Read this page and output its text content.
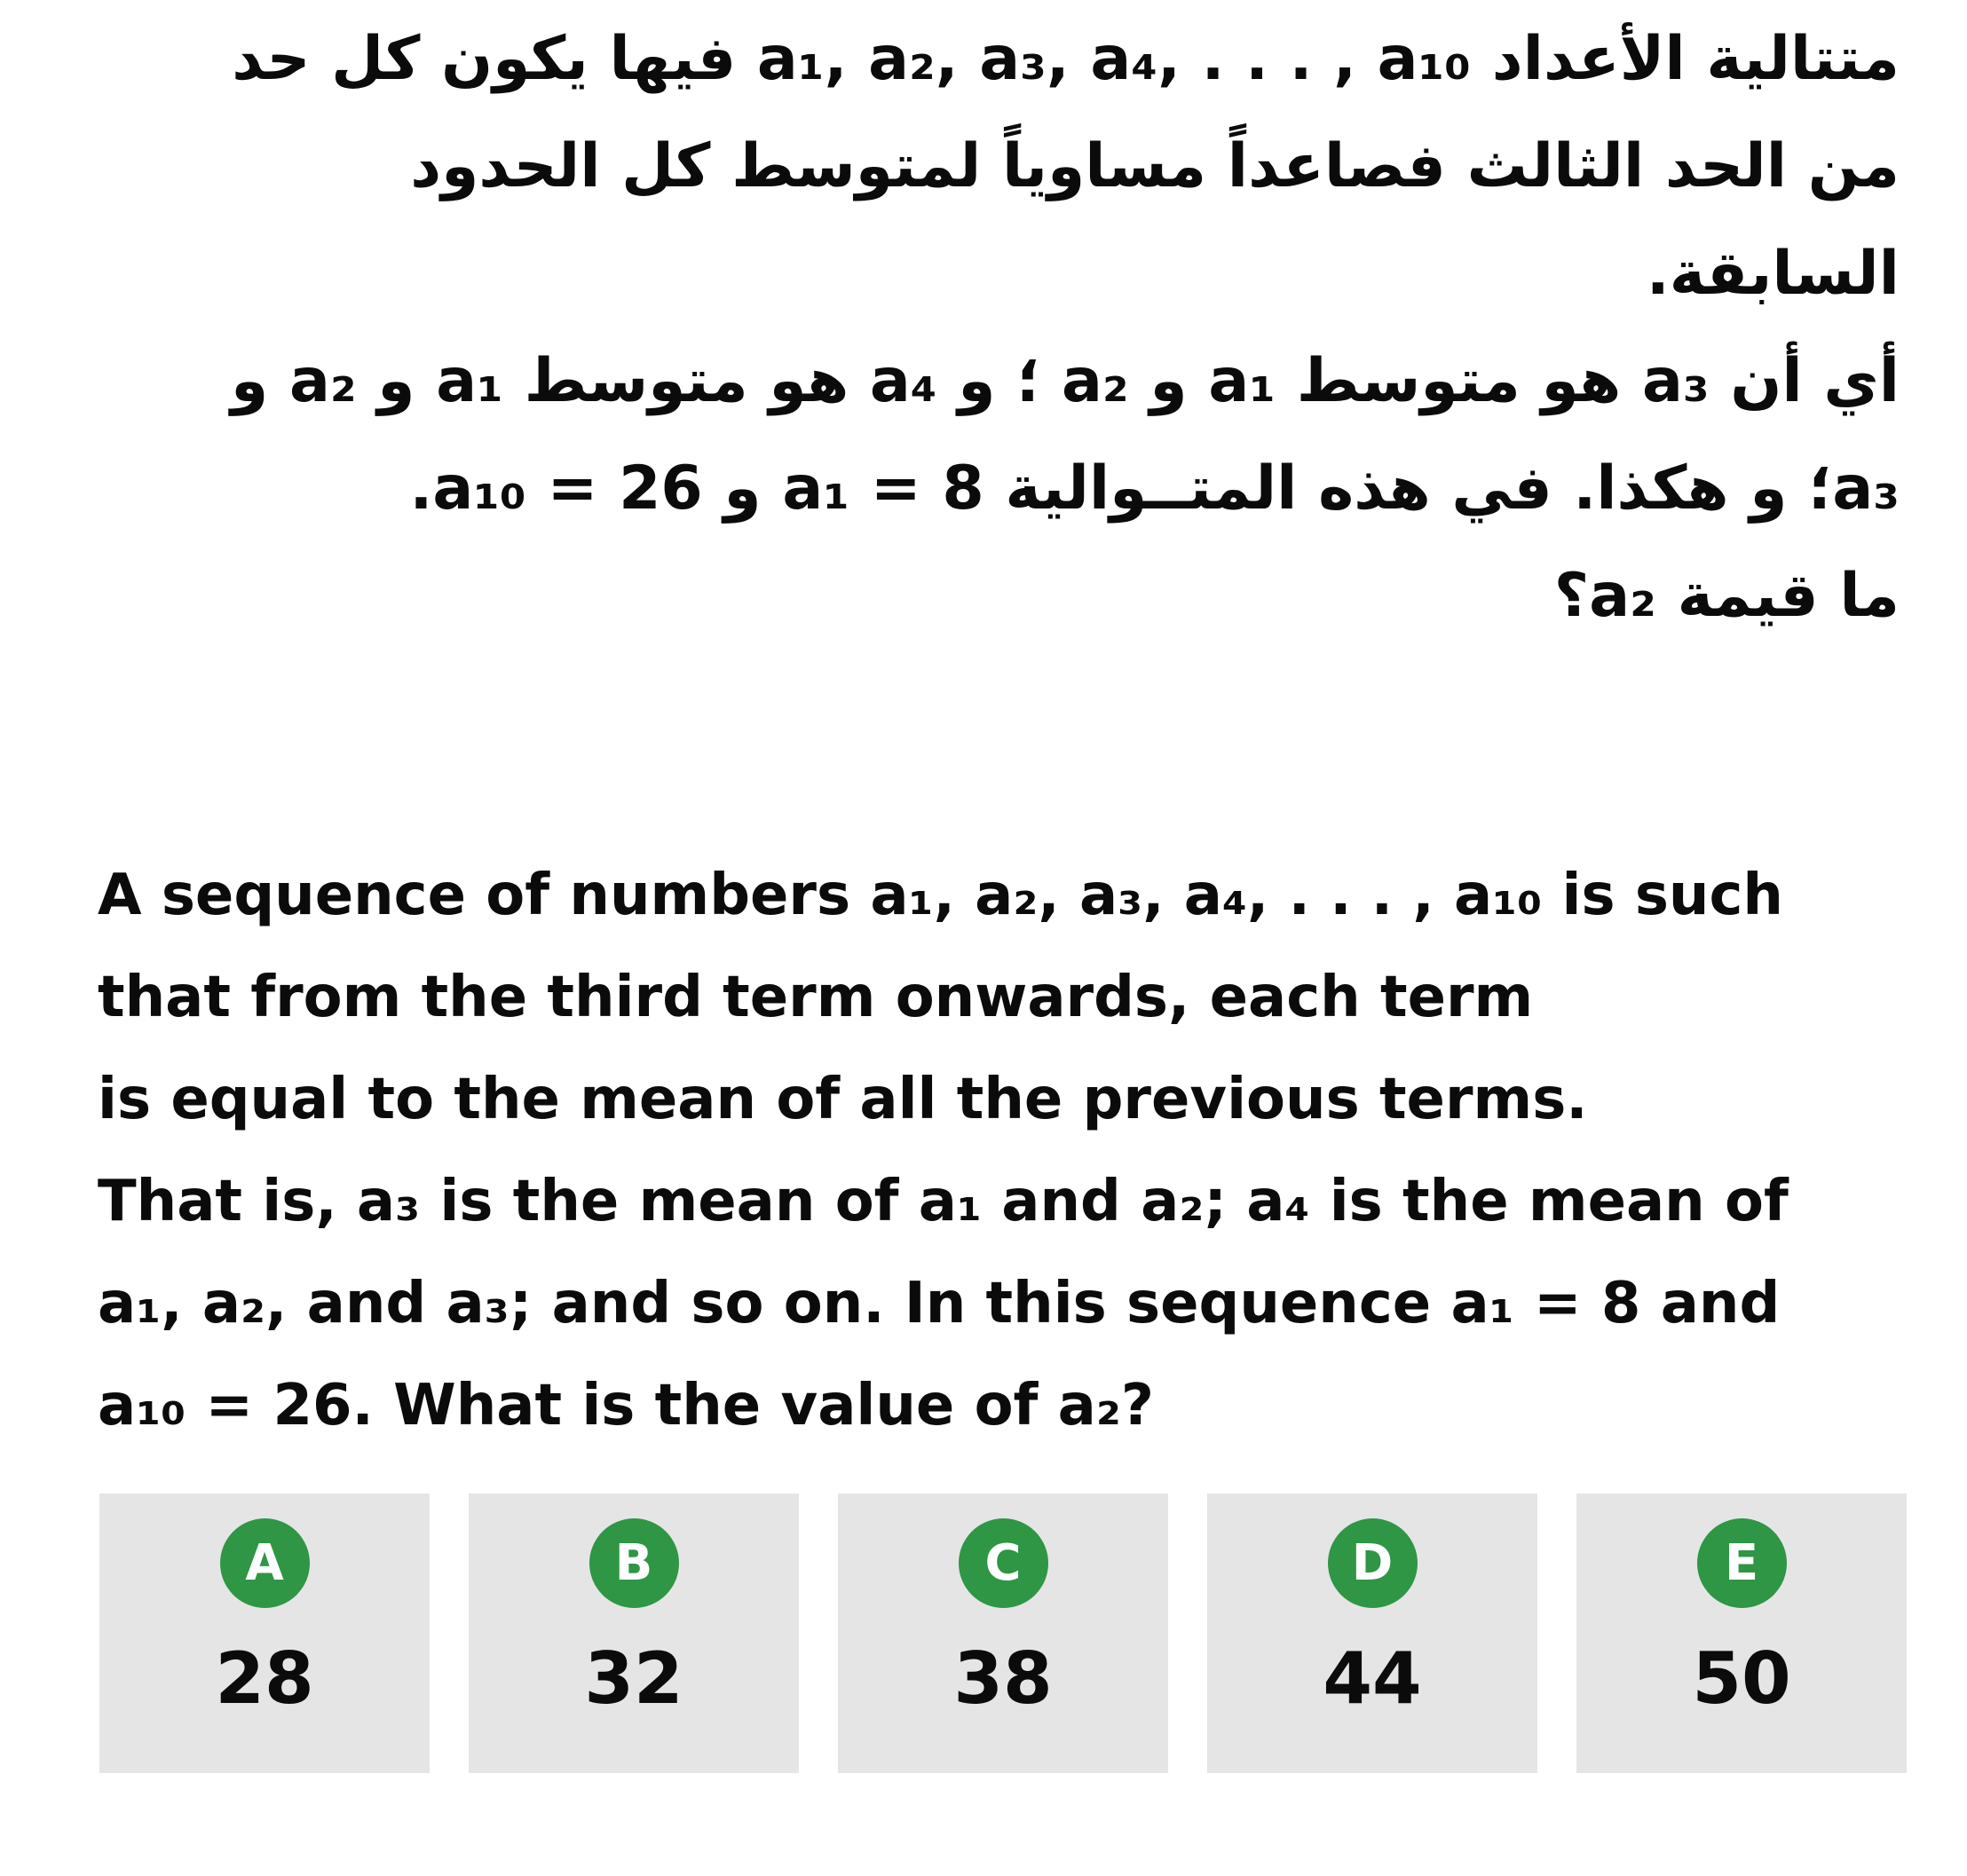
متتالية الأعداد a₁, a₂, a₃, a₄, . . . , a₁₀ فيها يكون كل حد
من الحد الثالث فصاعداً مساوياً لمتوسط كل الحدود
السابقة.
أي أن a₃ هو متوسط a₁ و a₂ ؛ و a₄ هو متوسط a₁ و a₂ و
a₃؛ و هكذا. في هذه المتــوالية a₁ = 8 و a₁₀ = 26.
ما قيمة a₂؟

A sequence of numbers a₁, a₂, a₃, a₄, . . . , a₁₀ is such
that from the third term onwards, each term
is equal to the mean of all the previous terms.
That is, a₃ is the mean of a₁ and a₂; a₄ is the mean of
a₁, a₂, and a₃; and so on. In this sequence a₁ = 8 and
a₁₀ = 26. What is the value of a₂?

A
28
B
32
C
38
D
44
E
50
